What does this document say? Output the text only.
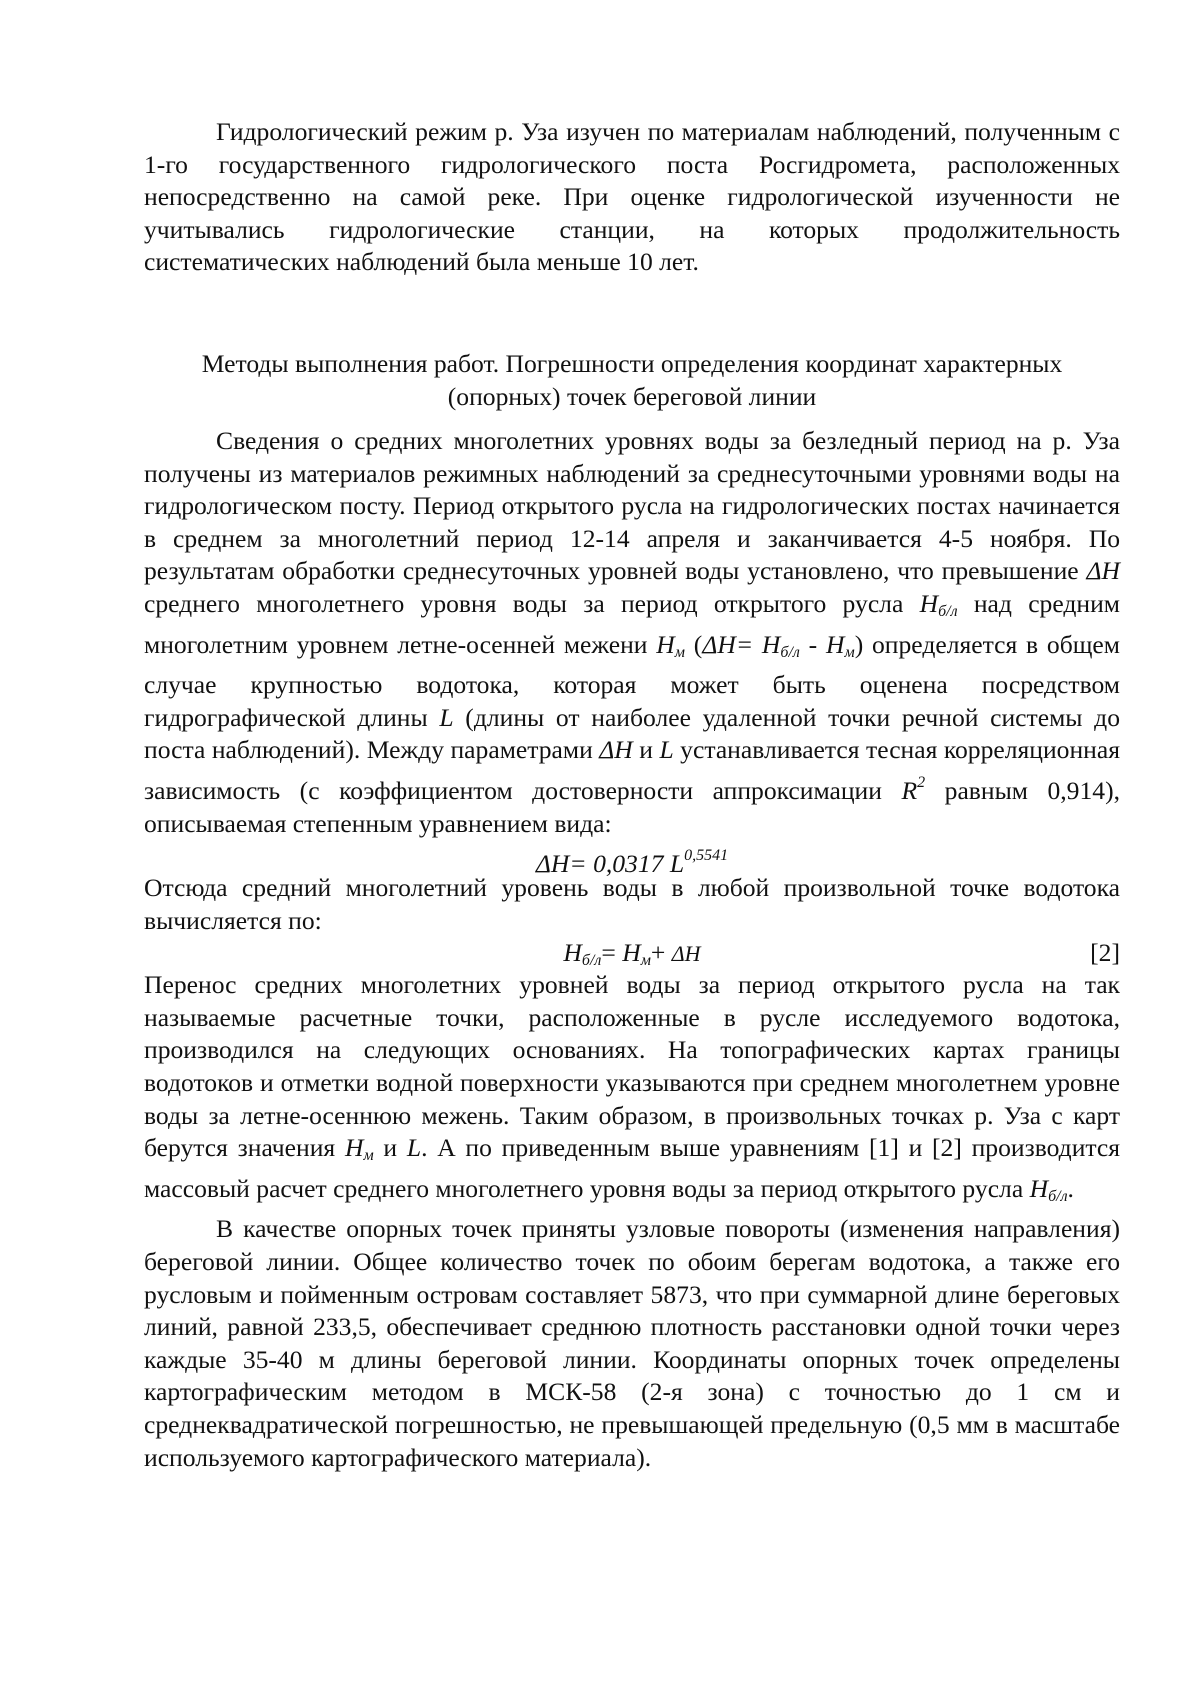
Гидрологический режим р. Уза изучен по материалам наблюдений, полученным с 1-го государственного гидрологического поста Росгидромета, расположенных непосредственно на самой реке. При оценке гидрологической изученности не учитывались гидрологические станции, на которых продолжительность систематических наблюдений была меньше 10 лет.

Методы выполнения работ. Погрешности определения координат характерных (опорных) точек береговой линии

Сведения о средних многолетних уровнях воды за безледный период на р. Уза получены из материалов режимных наблюдений за среднесуточными уровнями воды на гидрологическом посту. Период открытого русла на гидрологических постах начинается в среднем за многолетний период 12-14 апреля и заканчивается 4-5 ноября. По результатам обработки среднесуточных уровней воды установлено, что превышение ΔH среднего многолетнего уровня воды за период открытого русла $H_{б/л}$ над средним многолетним уровнем летне-осенней межени $H_м$ $(\Delta H= H_{б/л} - H_м)$ определяется в общем случае крупностью водотока, которая может быть оценена посредством гидрографической длины L (длины от наиболее удаленной точки речной системы до поста наблюдений). Между параметрами ΔH и L устанавливается тесная корреляционная зависимость (с коэффициентом достоверности аппроксимации $R^2$ равным 0,914), описываемая степенным уравнением вида:

ΔH= 0,0317 $L^{0,5541}$

Отсюда средний многолетний уровень воды в любой произвольной точке водотока вычисляется по:

$H_{б/л}= H_м+ \Delta H$	[2]

Перенос средних многолетних уровней воды за период открытого русла на так называемые расчетные точки, расположенные в русле исследуемого водотока, производился на следующих основаниях. На топографических картах границы водотоков и отметки водной поверхности указываются при среднем многолетнем уровне воды за летне-осеннюю межень. Таким образом, в произвольных точках р. Уза с карт берутся значения $H_м$ и L. А по приведенным выше уравнениям [1] и [2] производится массовый расчет среднего многолетнего уровня воды за период открытого русла $H_{б/л}$.

В качестве опорных точек приняты узловые повороты (изменения направления) береговой линии. Общее количество точек по обоим берегам водотока, а также его русловым и пойменным островам составляет 5873, что при суммарной длине береговых линий, равной 233,5, обеспечивает среднюю плотность расстановки одной точки через каждые 35-40 м длины береговой линии. Координаты опорных точек определены картографическим методом в МСК-58 (2-я зона) с точностью до 1 см и среднеквадратической погрешностью, не превышающей предельную (0,5 мм в масштабе используемого картографического материала).
